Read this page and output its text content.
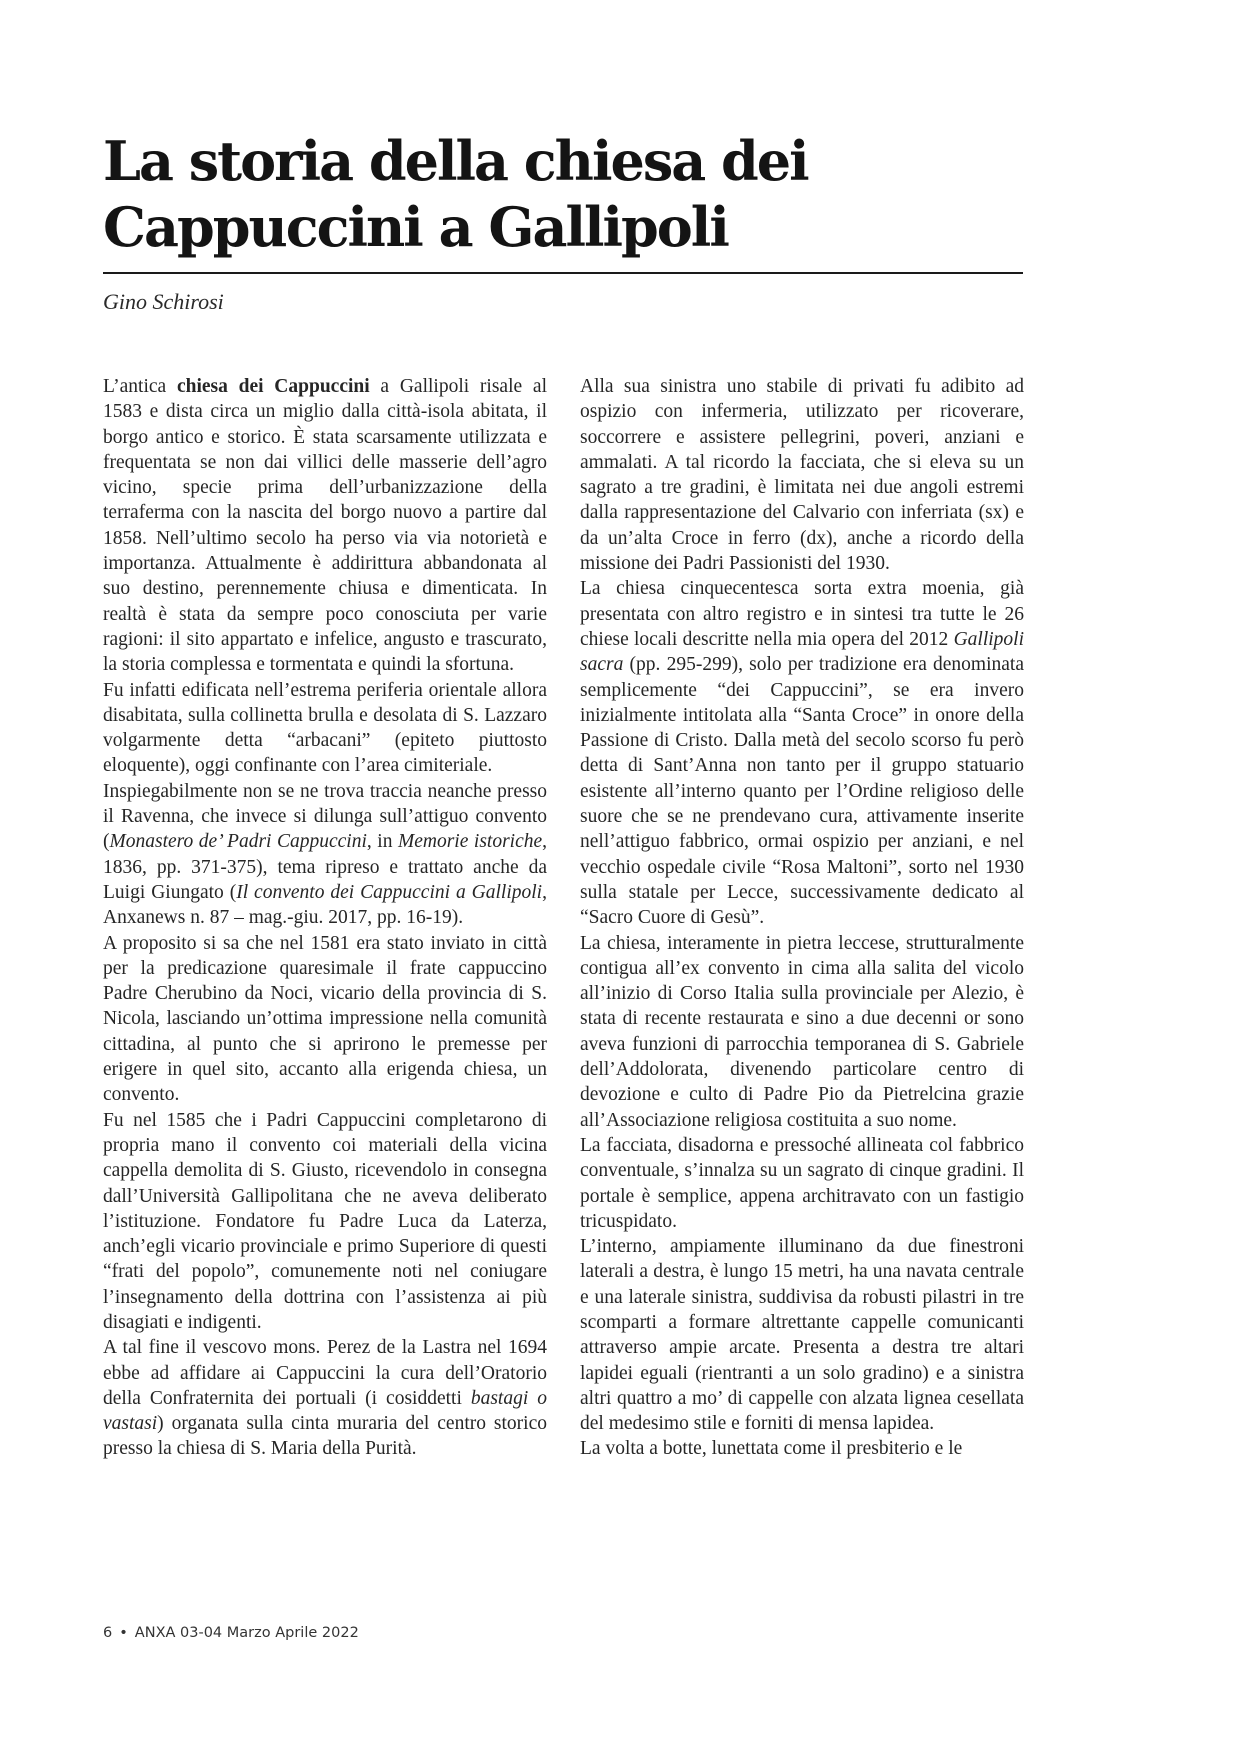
La storia della chiesa dei
Cappuccini a Gallipoli

Gino Schirosi

L’antica chiesa dei Cappuccini a Gallipoli risale al 1583 e dista circa un miglio dalla città-isola abitata, il borgo antico e storico. È stata scarsamente utilizzata e frequentata se non dai villici delle masserie dell’agro vicino, specie prima dell’urbanizzazione della terraferma con la nascita del borgo nuovo a partire dal 1858. Nell’ultimo secolo ha perso via via notorietà e importanza. Attualmente è addirittura abbandonata al suo destino, perennemente chiusa e dimenticata. In realtà è stata da sempre poco conosciuta per varie ragioni: il sito appartato e infelice, angusto e trascurato, la storia complessa e tormentata e quindi la sfortuna.

Fu infatti edificata nell’estrema periferia orientale allora disabitata, sulla collinetta brulla e desolata di S. Lazzaro volgarmente detta “arbacani” (epiteto piuttosto eloquente), oggi confinante con l’area cimiteriale.

Inspiegabilmente non se ne trova traccia neanche presso il Ravenna, che invece si dilunga sull’attiguo convento (Monastero de’ Padri Cappuccini, in Memorie istoriche, 1836, pp. 371-375), tema ripreso e trattato anche da Luigi Giungato (Il convento dei Cappuccini a Gallipoli, Anxanews n. 87 – mag.-giu. 2017, pp. 16-19).

A proposito si sa che nel 1581 era stato inviato in città per la predicazione quaresimale il frate cappuccino Padre Cherubino da Noci, vicario della provincia di S. Nicola, lasciando un’ottima impressione nella comunità cittadina, al punto che si aprirono le premesse per erigere in quel sito, accanto alla erigenda chiesa, un convento.

Fu nel 1585 che i Padri Cappuccini completarono di propria mano il convento coi materiali della vicina cappella demolita di S. Giusto, ricevendolo in consegna dall’Università Gallipolitana che ne aveva deliberato l’istituzione. Fondatore fu Padre Luca da Laterza, anch’egli vicario provinciale e primo Superiore di questi “frati del popolo”, comunemente noti nel coniugare l’insegnamento della dottrina con l’assistenza ai più disagiati e indigenti.

A tal fine il vescovo mons. Perez de la Lastra nel 1694 ebbe ad affidare ai Cappuccini la cura dell’Oratorio della Confraternita dei portuali (i cosiddetti bastagi o vastasi) organata sulla cinta muraria del centro storico presso la chiesa di S. Maria della Purità.

Alla sua sinistra uno stabile di privati fu adibito ad ospizio con infermeria, utilizzato per ricoverare, soccorrere e assistere pellegrini, poveri, anziani e ammalati. A tal ricordo la facciata, che si eleva su un sagrato a tre gradini, è limitata nei due angoli estremi dalla rappresentazione del Calvario con inferriata (sx) e da un’alta Croce in ferro (dx), anche a ricordo della missione dei Padri Passionisti del 1930.

La chiesa cinquecentesca sorta extra moenia, già presentata con altro registro e in sintesi tra tutte le 26 chiese locali descritte nella mia opera del 2012 Gallipoli sacra (pp. 295-299), solo per tradizione era denominata semplicemente “dei Cappuccini”, se era invero inizialmente intitolata alla “Santa Croce” in onore della Passione di Cristo. Dalla metà del secolo scorso fu però detta di Sant’Anna non tanto per il gruppo statuario esistente all’interno quanto per l’Ordine religioso delle suore che se ne prendevano cura, attivamente inserite nell’attiguo fabbrico, ormai ospizio per anziani, e nel vecchio ospedale civile “Rosa Maltoni”, sorto nel 1930 sulla statale per Lecce, successivamente dedicato al “Sacro Cuore di Gesù”.

La chiesa, interamente in pietra leccese, strutturalmente contigua all’ex convento in cima alla salita del vicolo all’inizio di Corso Italia sulla provinciale per Alezio, è stata di recente restaurata e sino a due decenni or sono aveva funzioni di parrocchia temporanea di S. Gabriele dell’Addolorata, divenendo particolare centro di devozione e culto di Padre Pio da Pietrelcina grazie all’Associazione religiosa costituita a suo nome.

La facciata, disadorna e pressoché allineata col fabbrico conventuale, s’innalza su un sagrato di cinque gradini. Il portale è semplice, appena architravato con un fastigio tricuspidato.

L’interno, ampiamente illuminano da due finestroni laterali a destra, è lungo 15 metri, ha una navata centrale e una laterale sinistra, suddivisa da robusti pilastri in tre scomparti a formare altrettante cappelle comunicanti attraverso ampie arcate. Presenta a destra tre altari lapidei eguali (rientranti a un solo gradino) e a sinistra altri quattro a mo’ di cappelle con alzata lignea cesellata del medesimo stile e forniti di mensa lapidea.

La volta a botte, lunettata come il presbiterio e le

6 • ANXA 03-04 Marzo Aprile 2022
